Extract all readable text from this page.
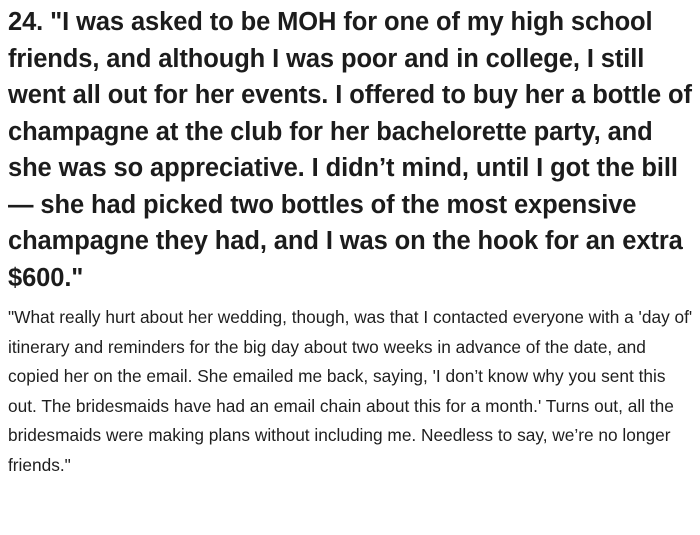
24. "I was asked to be MOH for one of my high school friends, and although I was poor and in college, I still went all out for her events. I offered to buy her a bottle of champagne at the club for her bachelorette party, and she was so appreciative. I didn’t mind, until I got the bill — she had picked two bottles of the most expensive champagne they had, and I was on the hook for an extra $600."

"What really hurt about her wedding, though, was that I contacted everyone with a 'day of' itinerary and reminders for the big day about two weeks in advance of the date, and copied her on the email. She emailed me back, saying, 'I don’t know why you sent this out. The bridesmaids have had an email chain about this for a month.' Turns out, all the bridesmaids were making plans without including me. Needless to say, we’re no longer friends."
